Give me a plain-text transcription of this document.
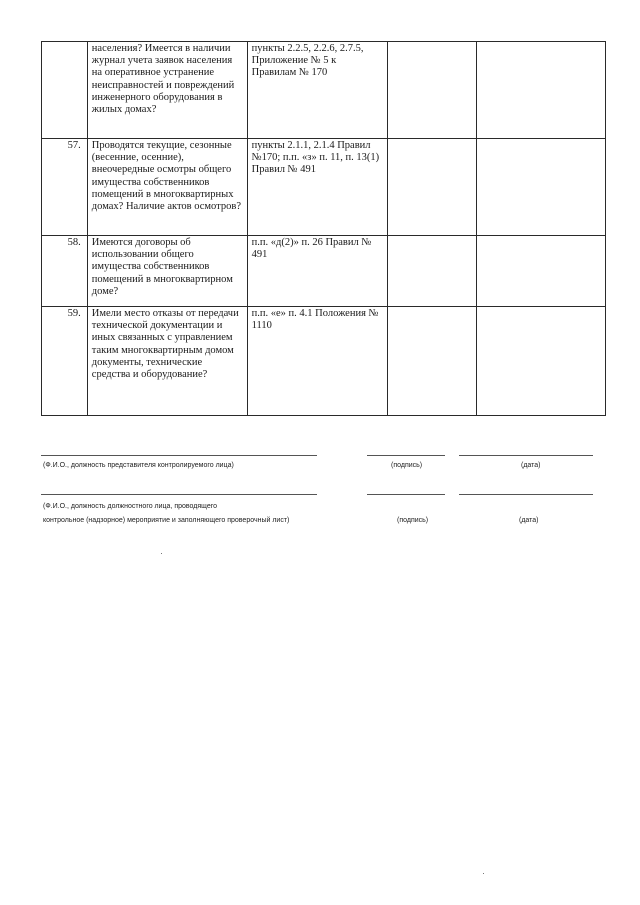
	населения? Имеется в наличии журнал учета заявок населения на оперативное устранение неисправностей и повреждений инженерного оборудования в жилых домах?	пункты 2.2.5, 2.2.6, 2.7.5, Приложение № 5 к Правилам № 170		
57.	Проводятся текущие, сезонные (весенние, осенние), внеочередные осмотры общего имущества собственников помещений в многоквартирных домах? Наличие актов осмотров?	пункты 2.1.1, 2.1.4 Правил №170; п.п. «з» п. 11, п. 13(1) Правил № 491		
58.	Имеются договоры об использовании общего имущества собственников помещений в многоквартирном доме?	п.п. «д(2)» п. 26 Правил № 491		
59.	Имели место отказы от передачи технической документации и иных связанных с управлением таким многоквартирным домом документы, технические средства и оборудование?	п.п. «е» п. 4.1 Положения № 1110		
(Ф.И.О., должность представителя контролируемого лица)	(подпись)	(дата)
(Ф.И.О., должность должностного лица, проводящего
контрольное (надзорное) мероприятие и заполняющего проверочный лист)	(подпись)	(дата)
